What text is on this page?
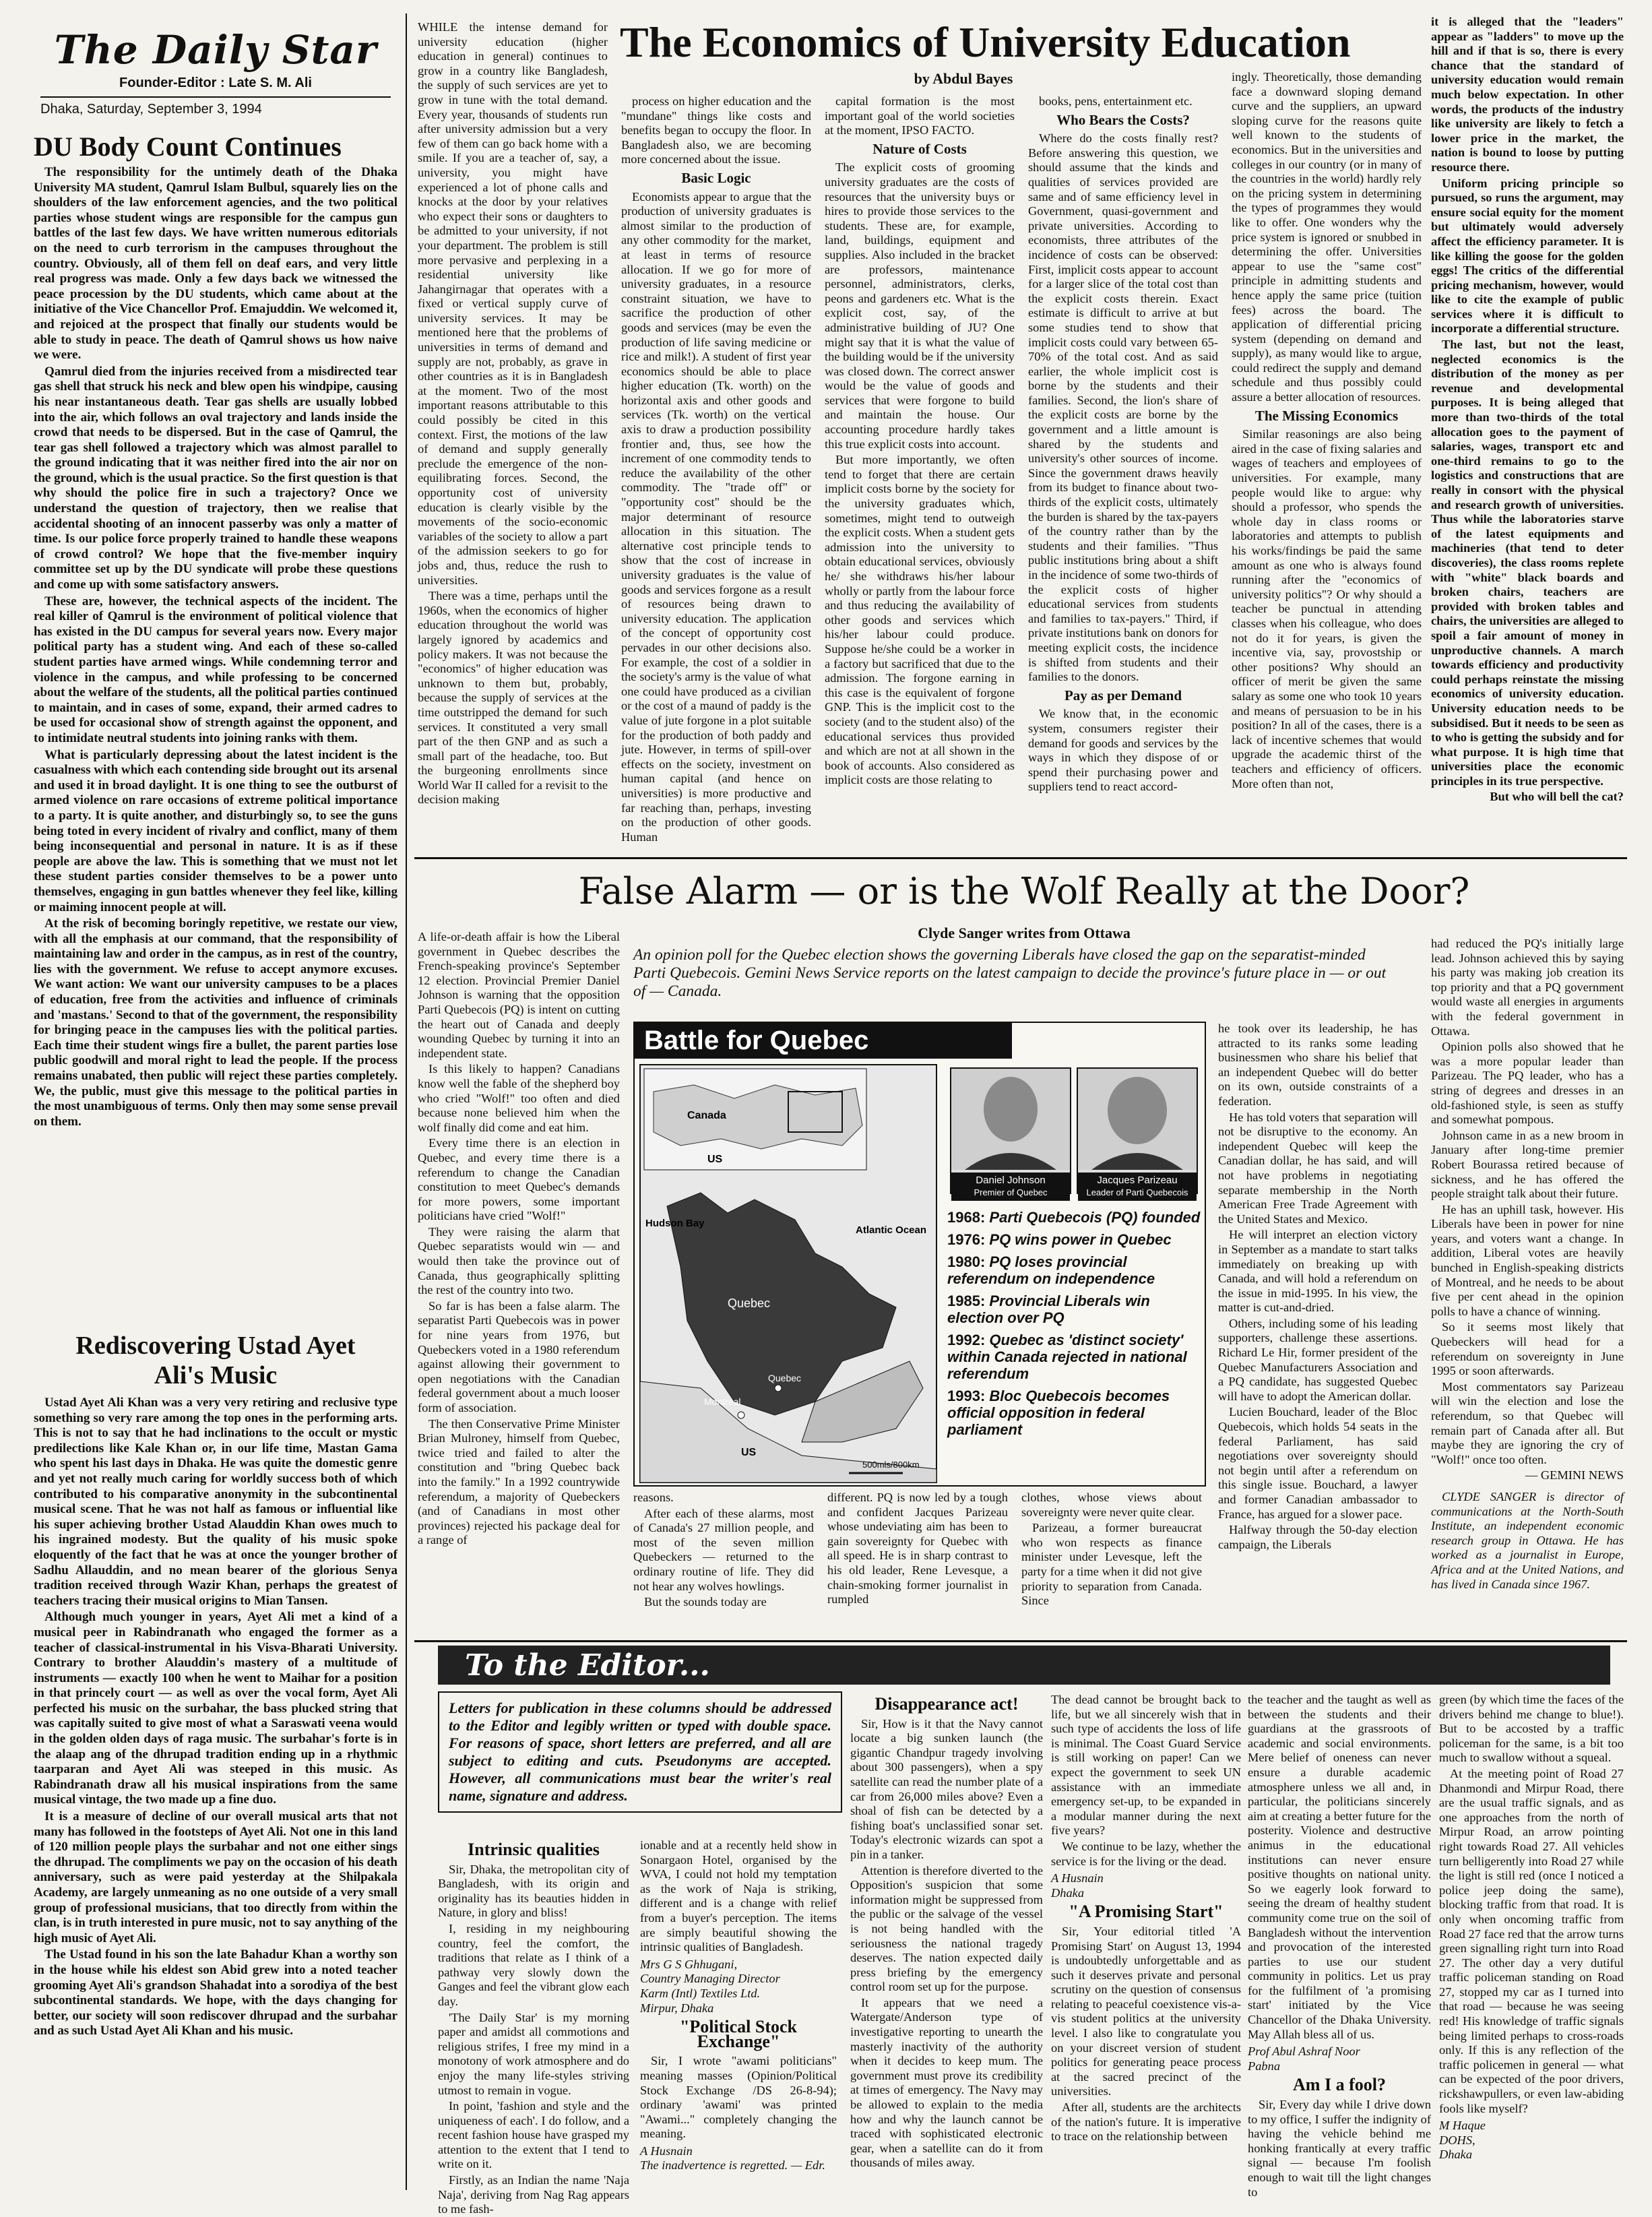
The Daily Star
Founder-Editor : Late S. M. Ali
Dhaka, Saturday, September 3, 1994
DU Body Count Continues

The responsibility for the untimely death of the Dhaka University MA student, Qamrul Islam Bulbul, squarely lies on the shoulders of the law enforcement agencies, and the two political parties whose student wings are responsible for the campus gun battles of the last few days. We have written numerous editorials on the need to curb terrorism in the campuses throughout the country. Obviously, all of them fell on deaf ears, and very little real progress was made. Only a few days back we witnessed the peace procession by the DU students, which came about at the initiative of the Vice Chancellor Prof. Emajuddin. We welcomed it, and rejoiced at the prospect that finally our students would be able to study in peace. The death of Qamrul shows us how naive we were.

Qamrul died from the injuries received from a misdirected tear gas shell that struck his neck and blew open his windpipe, causing his near instantaneous death. Tear gas shells are usually lobbed into the air, which follows an oval trajectory and lands inside the crowd that needs to be dispersed. But in the case of Qamrul, the tear gas shell followed a trajectory which was almost parallel to the ground indicating that it was neither fired into the air nor on the ground, which is the usual practice. So the first question is that why should the police fire in such a trajectory? Once we understand the question of trajectory, then we realise that accidental shooting of an innocent passerby was only a matter of time. Is our police force properly trained to handle these weapons of crowd control? We hope that the five-member inquiry committee set up by the DU syndicate will probe these questions and come up with some satisfactory answers.

These are, however, the technical aspects of the incident. The real killer of Qamrul is the environment of political violence that has existed in the DU campus for several years now. Every major political party has a student wing. And each of these so-called student parties have armed wings. While condemning terror and violence in the campus, and while professing to be concerned about the welfare of the students, all the political parties continued to maintain, and in cases of some, expand, their armed cadres to be used for occasional show of strength against the opponent, and to intimidate neutral students into joining ranks with them.

What is particularly depressing about the latest incident is the casualness with which each contending side brought out its arsenal and used it in broad daylight. It is one thing to see the outburst of armed violence on rare occasions of extreme political importance to a party. It is quite another, and disturbingly so, to see the guns being toted in every incident of rivalry and conflict, many of them being inconsequential and personal in nature. It is as if these people are above the law. This is something that we must not let these student parties consider themselves to be a power unto themselves, engaging in gun battles whenever they feel like, killing or maiming innocent people at will.

At the risk of becoming boringly repetitive, we restate our view, with all the emphasis at our command, that the responsibility of maintaining law and order in the campus, as in rest of the country, lies with the government. We refuse to accept anymore excuses. We want action: We want our university campuses to be a places of education, free from the activities and influence of criminals and 'mastans.' Second to that of the government, the responsibility for bringing peace in the campuses lies with the political parties. Each time their student wings fire a bullet, the parent parties lose public goodwill and moral right to lead the people. If the process remains unabated, then public will reject these parties completely. We, the public, must give this message to the political parties in the most unambiguous of terms. Only then may some sense prevail on them.

Rediscovering Ustad Ayet Ali's Music

Ustad Ayet Ali Khan was a very very retiring and reclusive type something so very rare among the top ones in the performing arts. This is not to say that he had inclinations to the occult or mystic predilections like Kale Khan or, in our life time, Mastan Gama who spent his last days in Dhaka. He was quite the domestic genre and yet not really much caring for worldly success both of which contributed to his comparative anonymity in the subcontinental musical scene. That he was not half as famous or influential like his super achieving brother Ustad Alauddin Khan owes much to his ingrained modesty. But the quality of his music spoke eloquently of the fact that he was at once the younger brother of Sadhu Allauddin, and no mean bearer of the glorious Senya tradition received through Wazir Khan, perhaps the greatest of teachers tracing their musical origins to Mian Tansen.

Although much younger in years, Ayet Ali met a kind of a musical peer in Rabindranath who engaged the former as a teacher of classical-instrumental in his Visva-Bharati University. Contrary to brother Alauddin's mastery of a multitude of instruments — exactly 100 when he went to Maihar for a position in that princely court — as well as over the vocal form, Ayet Ali perfected his music on the surbahar, the bass plucked string that was capitally suited to give most of what a Saraswati veena would in the golden olden days of raga music. The surbahar's forte is in the alaap ang of the dhrupad tradition ending up in a rhythmic taarparan and Ayet Ali was steeped in this music. As Rabindranath draw all his musical inspirations from the same musical vintage, the two made up a fine duo.

It is a measure of decline of our overall musical arts that not many has followed in the footsteps of Ayet Ali. Not one in this land of 120 million people plays the surbahar and not one either sings the dhrupad. The compliments we pay on the occasion of his death anniversary, such as were paid yesterday at the Shilpakala Academy, are largely unmeaning as no one outside of a very small group of professional musicians, that too directly from within the clan, is in truth interested in pure music, not to say anything of the high music of Ayet Ali.

The Ustad found in his son the late Bahadur Khan a worthy son in the house while his eldest son Abid grew into a noted teacher grooming Ayet Ali's grandson Shahadat into a sorodiya of the best subcontinental standards. We hope, with the days changing for better, our society will soon rediscover dhrupad and the surbahar and as such Ustad Ayet Ali Khan and his music.

The Economics of University Education
by Abdul Bayes

WHILE the intense demand for university education (higher education in general) continues to grow in a country like Bangladesh, the supply of such services are yet to grow in tune with the total demand. Every year, thousands of students run after university admission but a very few of them can go back home with a smile. If you are a teacher of, say, a university, you might have experienced a lot of phone calls and knocks at the door by your relatives who expect their sons or daughters to be admitted to your university, if not your department. The problem is still more pervasive and perplexing in a residential university like Jahangirnagar that operates with a fixed or vertical supply curve of university services. It may be mentioned here that the problems of universities in terms of demand and supply are not, probably, as grave in other countries as it is in Bangladesh at the moment. Two of the most important reasons attributable to this could possibly be cited in this context. First, the motions of the law of demand and supply generally preclude the emergence of the non-equilibrating forces. Second, the opportunity cost of university education is clearly visible by the movements of the socio-economic variables of the society to allow a part of the admission seekers to go for jobs and, thus, reduce the rush to universities.

There was a time, perhaps until the 1960s, when the economics of higher education throughout the world was largely ignored by academics and policy makers. It was not because the "economics" of higher education was unknown to them but, probably, because the supply of services at the time outstripped the demand for such services. It constituted a very small part of the then GNP and as such a small part of the headache, too. But the burgeoning enrollments since World War II called for a revisit to the decision making

process on higher education and the "mundane" things like costs and benefits began to occupy the floor. In Bangladesh also, we are becoming more concerned about the issue.

Basic Logic

Economists appear to argue that the production of university graduates is almost similar to the production of any other commodity for the market, at least in terms of resource allocation. If we go for more of university graduates, in a resource constraint situation, we have to sacrifice the production of other goods and services (may be even the production of life saving medicine or rice and milk!). A student of first year economics should be able to place higher education (Tk. worth) on the horizontal axis and other goods and services (Tk. worth) on the vertical axis to draw a production possibility frontier and, thus, see how the increment of one commodity tends to reduce the availability of the other commodity. The "trade off" or "opportunity cost" should be the major determinant of resource allocation in this situation. The alternative cost principle tends to show that the cost of increase in university graduates is the value of goods and services forgone as a result of resources being drawn to university education. The application of the concept of opportunity cost pervades in our other decisions also. For example, the cost of a soldier in the society's army is the value of what one could have produced as a civilian or the cost of a maund of paddy is the value of jute forgone in a plot suitable for the production of both paddy and jute. However, in terms of spill-over effects on the society, investment on human capital (and hence on universities) is more productive and far reaching than, perhaps, investing on the production of other goods. Human

capital formation is the most important goal of the world societies at the moment, IPSO FACTO.

Nature of Costs

The explicit costs of grooming university graduates are the costs of resources that the university buys or hires to provide those services to the students. These are, for example, land, buildings, equipment and supplies. Also included in the bracket are professors, maintenance personnel, administrators, clerks, peons and gardeners etc. What is the explicit cost, say, of the administrative building of JU? One might say that it is what the value of the building would be if the university was closed down. The correct answer would be the value of goods and services that were forgone to build and maintain the house. Our accounting procedure hardly takes this true explicit costs into account.

But more importantly, we often tend to forget that there are certain implicit costs borne by the society for the university graduates which, sometimes, might tend to outweigh the explicit costs. When a student gets admission into the university to obtain educational services, obviously he/ she withdraws his/her labour wholly or partly from the labour force and thus reducing the availability of other goods and services which his/her labour could produce. Suppose he/she could be a worker in a factory but sacrificed that due to the admission. The forgone earning in this case is the equivalent of forgone GNP. This is the implicit cost to the society (and to the student also) of the educational services thus provided and which are not at all shown in the book of accounts. Also considered as implicit costs are those relating to

books, pens, entertainment etc.

Who Bears the Costs?

Where do the costs finally rest? Before answering this question, we should assume that the kinds and qualities of services provided are same and of same efficiency level in Government, quasi-government and private universities. According to economists, three attributes of the incidence of costs can be observed: First, implicit costs appear to account for a larger slice of the total cost than the explicit costs therein. Exact estimate is difficult to arrive at but some studies tend to show that implicit costs could vary between 65-70% of the total cost. And as said earlier, the whole implicit cost is borne by the students and their families. Second, the lion's share of the explicit costs are borne by the government and a little amount is shared by the students and university's other sources of income. Since the government draws heavily from its budget to finance about two-thirds of the explicit costs, ultimately the burden is shared by the tax-payers of the country rather than by the students and their families. "Thus public institutions bring about a shift in the incidence of some two-thirds of the explicit costs of higher educational services from students and families to tax-payers." Third, if private institutions bank on donors for meeting explicit costs, the incidence is shifted from students and their families to the donors.

Pay as per Demand

We know that, in the economic system, consumers register their demand for goods and services by the ways in which they dispose of or spend their purchasing power and suppliers tend to react accord-

ingly. Theoretically, those demanding face a downward sloping demand curve and the suppliers, an upward sloping curve for the reasons quite well known to the students of economics. But in the universities and colleges in our country (or in many of the countries in the world) hardly rely on the pricing system in determining the types of programmes they would like to offer. One wonders why the price system is ignored or snubbed in determining the offer. Universities appear to use the "same cost" principle in admitting students and hence apply the same price (tuition fees) across the board. The application of differential pricing system (depending on demand and supply), as many would like to argue, could redirect the supply and demand schedule and thus possibly could assure a better allocation of resources.

The Missing Economics

Similar reasonings are also being aired in the case of fixing salaries and wages of teachers and employees of universities. For example, many people would like to argue: why should a professor, who spends the whole day in class rooms or laboratories and attempts to publish his works/findings be paid the same amount as one who is always found running after the "economics of university politics"? Or why should a teacher be punctual in attending classes when his colleague, who does not do it for years, is given the incentive via, say, provostship or other positions? Why should an officer of merit be given the same salary as some one who took 10 years and means of persuasion to be in his position? In all of the cases, there is a lack of incentive schemes that would upgrade the academic thirst of the teachers and efficiency of officers. More often than not,

it is alleged that the "leaders" appear as "ladders" to move up the hill and if that is so, there is every chance that the standard of university education would remain much below expectation. In other words, the products of the industry like university are likely to fetch a lower price in the market, the nation is bound to loose by putting resource there.

Uniform pricing principle so pursued, so runs the argument, may ensure social equity for the moment but ultimately would adversely affect the efficiency parameter. It is like killing the goose for the golden eggs! The critics of the differential pricing mechanism, however, would like to cite the example of public services where it is difficult to incorporate a differential structure.

The last, but not the least, neglected economics is the distribution of the money as per revenue and developmental purposes. It is being alleged that more than two-thirds of the total allocation goes to the payment of salaries, wages, transport etc and one-third remains to go to the logistics and constructions that are really in consort with the physical and research growth of universities. Thus while the laboratories starve of the latest equipments and machineries (that tend to deter discoveries), the class rooms replete with "white" black boards and broken chairs, teachers are provided with broken tables and chairs, the universities are alleged to spoil a fair amount of money in unproductive channels. A march towards efficiency and productivity could perhaps reinstate the missing economics of university education. University education needs to be subsidised. But it needs to be seen as to who is getting the subsidy and for what purpose. It is high time that universities place the economic principles in its true perspective.

But who will bell the cat?

False Alarm — or is the Wolf Really at the Door?
Clyde Sanger writes from Ottawa

A life-or-death affair is how the Liberal government in Quebec describes the French-speaking province's September 12 election. Provincial Premier Daniel Johnson is warning that the opposition Parti Quebecois (PQ) is intent on cutting the heart out of Canada and deeply wounding Quebec by turning it into an independent state.

Is this likely to happen? Canadians know well the fable of the shepherd boy who cried "Wolf!" too often and died because none believed him when the wolf finally did come and eat him.

Every time there is an election in Quebec, and every time there is a referendum to change the Canadian constitution to meet Quebec's demands for more powers, some important politicians have cried "Wolf!"

They were raising the alarm that Quebec separatists would win — and would then take the province out of Canada, thus geographically splitting the rest of the country into two.

So far is has been a false alarm. The separatist Parti Quebecois was in power for nine years from 1976, but Quebeckers voted in a 1980 referendum against allowing their government to open negotiations with the Canadian federal government about a much looser form of association.

The then Conservative Prime Minister Brian Mulroney, himself from Quebec, twice tried and failed to alter the constitution and "bring Quebec back into the family." In a 1992 countrywide referendum, a majority of Quebeckers (and of Canadians in most other provinces) rejected his package deal for a range of

An opinion poll for the Quebec election shows the governing Liberals have closed the gap on the separatist-minded Parti Quebecois. Gemini News Service reports on the latest campaign to decide the province's future place in — or out of — Canada.
Battle for Quebec
Canada
US
Hudson Bay
Atlantic Ocean
Quebec
Quebec
Montreal
US
500mls/800km
Daniel Johnson
Premier of Quebec
Jacques Parizeau
Leader of Parti Quebecois
1968: Parti Quebecois (PQ) founded
1976: PQ wins power in Quebec
1980: PQ loses provincial referendum on independence
1985: Provincial Liberals win election over PQ
1992: Quebec as 'distinct society' within Canada rejected in national referendum
1993: Bloc Quebecois becomes official opposition in federal parliament

reasons.

After each of these alarms, most of Canada's 27 million people, and most of the seven million Quebeckers — returned to the ordinary routine of life. They did not hear any wolves howlings.

But the sounds today are

different. PQ is now led by a tough and confident Jacques Parizeau whose undeviating aim has been to gain sovereignty for Quebec with all speed. He is in sharp contrast to his old leader, Rene Levesque, a chain-smoking former journalist in rumpled

clothes, whose views about sovereignty were never quite clear.

Parizeau, a former bureaucrat who won respects as finance minister under Levesque, left the party for a time when it did not give priority to separation from Canada. Since

he took over its leadership, he has attracted to its ranks some leading businessmen who share his belief that an independent Quebec will do better on its own, outside constraints of a federation.

He has told voters that separation will not be disruptive to the economy. An independent Quebec will keep the Canadian dollar, he has said, and will not have problems in negotiating separate membership in the North American Free Trade Agreement with the United States and Mexico.

He will interpret an election victory in September as a mandate to start talks immediately on breaking up with Canada, and will hold a referendum on the issue in mid-1995. In his view, the matter is cut-and-dried.

Others, including some of his leading supporters, challenge these assertions. Richard Le Hir, former president of the Quebec Manufacturers Association and a PQ candidate, has suggested Quebec will have to adopt the American dollar.

Lucien Bouchard, leader of the Bloc Quebecois, which holds 54 seats in the federal Parliament, has said negotiations over sovereignty should not begin until after a referendum on this single issue. Bouchard, a lawyer and former Canadian ambassador to France, has argued for a slower pace.

Halfway through the 50-day election campaign, the Liberals

had reduced the PQ's initially large lead. Johnson achieved this by saying his party was making job creation its top priority and that a PQ government would waste all energies in arguments with the federal government in Ottawa.

Opinion polls also showed that he was a more popular leader than Parizeau. The PQ leader, who has a string of degrees and dresses in an old-fashioned style, is seen as stuffy and somewhat pompous.

Johnson came in as a new broom in January after long-time premier Robert Bourassa retired because of sickness, and he has offered the people straight talk about their future.

He has an uphill task, however. His Liberals have been in power for nine years, and voters want a change. In addition, Liberal votes are heavily bunched in English-speaking districts of Montreal, and he needs to be about five per cent ahead in the opinion polls to have a chance of winning.

So it seems most likely that Quebeckers will head for a referendum on sovereignty in June 1995 or soon afterwards.

Most commentators say Parizeau will win the election and lose the referendum, so that Quebec will remain part of Canada after all. But maybe they are ignoring the cry of "Wolf!" once too often.

— GEMINI NEWS

CLYDE SANGER is director of communications at the North-South Institute, an independent economic research group in Ottawa. He has worked as a journalist in Europe, Africa and at the United Nations, and has lived in Canada since 1967.

To the Editor...
Letters for publication in these columns should be addressed to the Editor and legibly written or typed with double space. For reasons of space, short letters are preferred, and all are subject to editing and cuts. Pseudonyms are accepted. However, all communications must bear the writer's real name, signature and address.
Intrinsic qualities

Sir, Dhaka, the metropolitan city of Bangladesh, with its origin and originality has its beauties hidden in Nature, in glory and bliss!

I, residing in my neighbouring country, feel the comfort, the traditions that relate as I think of a pathway very slowly down the Ganges and feel the vibrant glow each day.

'The Daily Star' is my morning paper and amidst all commotions and religious strifes, I free my mind in a monotony of work atmosphere and do enjoy the many life-styles striving utmost to remain in vogue.

In point, 'fashion and style and the uniqueness of each'. I do follow, and a recent fashion house have grasped my attention to the extent that I tend to write on it.

Firstly, as an Indian the name 'Naja Naja', deriving from Nag Rag appears to me fash-

ionable and at a recently held show in Sonargaon Hotel, organised by the WVA, I could not hold my temptation as the work of Naja is striking, different and is a change with relief from a buyer's perception. The items are simply beautiful showing the intrinsic qualities of Bangladesh.

Mrs G S Ghhugani,
Country Managing Director
Karm (Intl) Textiles Ltd.
Mirpur, Dhaka
"Political Stock Exchange"

Sir, I wrote "awami politicians" meaning masses (Opinion/Political Stock Exchange /DS 26-8-94); ordinary 'awami' was printed "Awami..." completely changing the meaning.

A Husnain
The inadvertence is regretted. — Edr.
Disappearance act!

Sir, How is it that the Navy cannot locate a big sunken launch (the gigantic Chandpur tragedy involving about 300 passengers), when a spy satellite can read the number plate of a car from 26,000 miles above? Even a shoal of fish can be detected by a fishing boat's unclassified sonar set. Today's electronic wizards can spot a pin in a tanker.

Attention is therefore diverted to the Opposition's suspicion that some information might be suppressed from the public or the salvage of the vessel is not being handled with the seriousness the national tragedy deserves. The nation expected daily press briefing by the emergency control room set up for the purpose.

It appears that we need a Watergate/Anderson type of investigative reporting to unearth the masterly inactivity of the authority when it decides to keep mum. The government must prove its credibility at times of emergency. The Navy may be allowed to explain to the media how and why the launch cannot be traced with sophisticated electronic gear, when a satellite can do it from thousands of miles away.

The dead cannot be brought back to life, but we all sincerely wish that in such type of accidents the loss of life is minimal. The Coast Guard Service is still working on paper! Can we expect the government to seek UN assistance with an immediate emergency set-up, to be expanded in a modular manner during the next five years?

We continue to be lazy, whether the service is for the living or the dead.

A Husnain
Dhaka
"A Promising Start"

Sir, Your editorial titled 'A Promising Start' on August 13, 1994 is undoubtedly unforgettable and as such it deserves private and personal scrutiny on the question of consensus relating to peaceful coexistence vis-a-vis student politics at the university level. I also like to congratulate you on your discreet version of student politics for generating peace process at the sacred precinct of the universities.

After all, students are the architects of the nation's future. It is imperative to trace on the relationship between

the teacher and the taught as well as between the students and their guardians at the grassroots of academic and social environments. Mere belief of oneness can never ensure a durable academic atmosphere unless we all and, in particular, the politicians sincerely aim at creating a better future for the posterity. Violence and destructive animus in the educational institutions can never ensure positive thoughts on national unity. So we eagerly look forward to seeing the dream of healthy student community come true on the soil of Bangladesh without the intervention and provocation of the interested parties to use our student community in politics. Let us pray for the fulfilment of 'a promising start' initiated by the Vice Chancellor of the Dhaka University. May Allah bless all of us.

Prof Abul Ashraf Noor
Pabna
Am I a fool?

Sir, Every day while I drive down to my office, I suffer the indignity of having the vehicle behind me honking frantically at every traffic signal — because I'm foolish enough to wait till the light changes to

green (by which time the faces of the drivers behind me change to blue!). But to be accosted by a traffic policeman for the same, is a bit too much to swallow without a squeal.

At the meeting point of Road 27 Dhanmondi and Mirpur Road, there are the usual traffic signals, and as one approaches from the north of Mirpur Road, an arrow pointing right towards Road 27. All vehicles turn belligerently into Road 27 while the light is still red (once I noticed a police jeep doing the same), blocking traffic from that road. It is only when oncoming traffic from Road 27 face red that the arrow turns green signalling right turn into Road 27. The other day a very dutiful traffic policeman standing on Road 27, stopped my car as I turned into that road — because he was seeing red! His knowledge of traffic signals being limited perhaps to cross-roads only. If this is any reflection of the traffic policemen in general — what can be expected of the poor drivers, rickshawpullers, or even law-abiding fools like myself?

M Haque
DOHS,
Dhaka
